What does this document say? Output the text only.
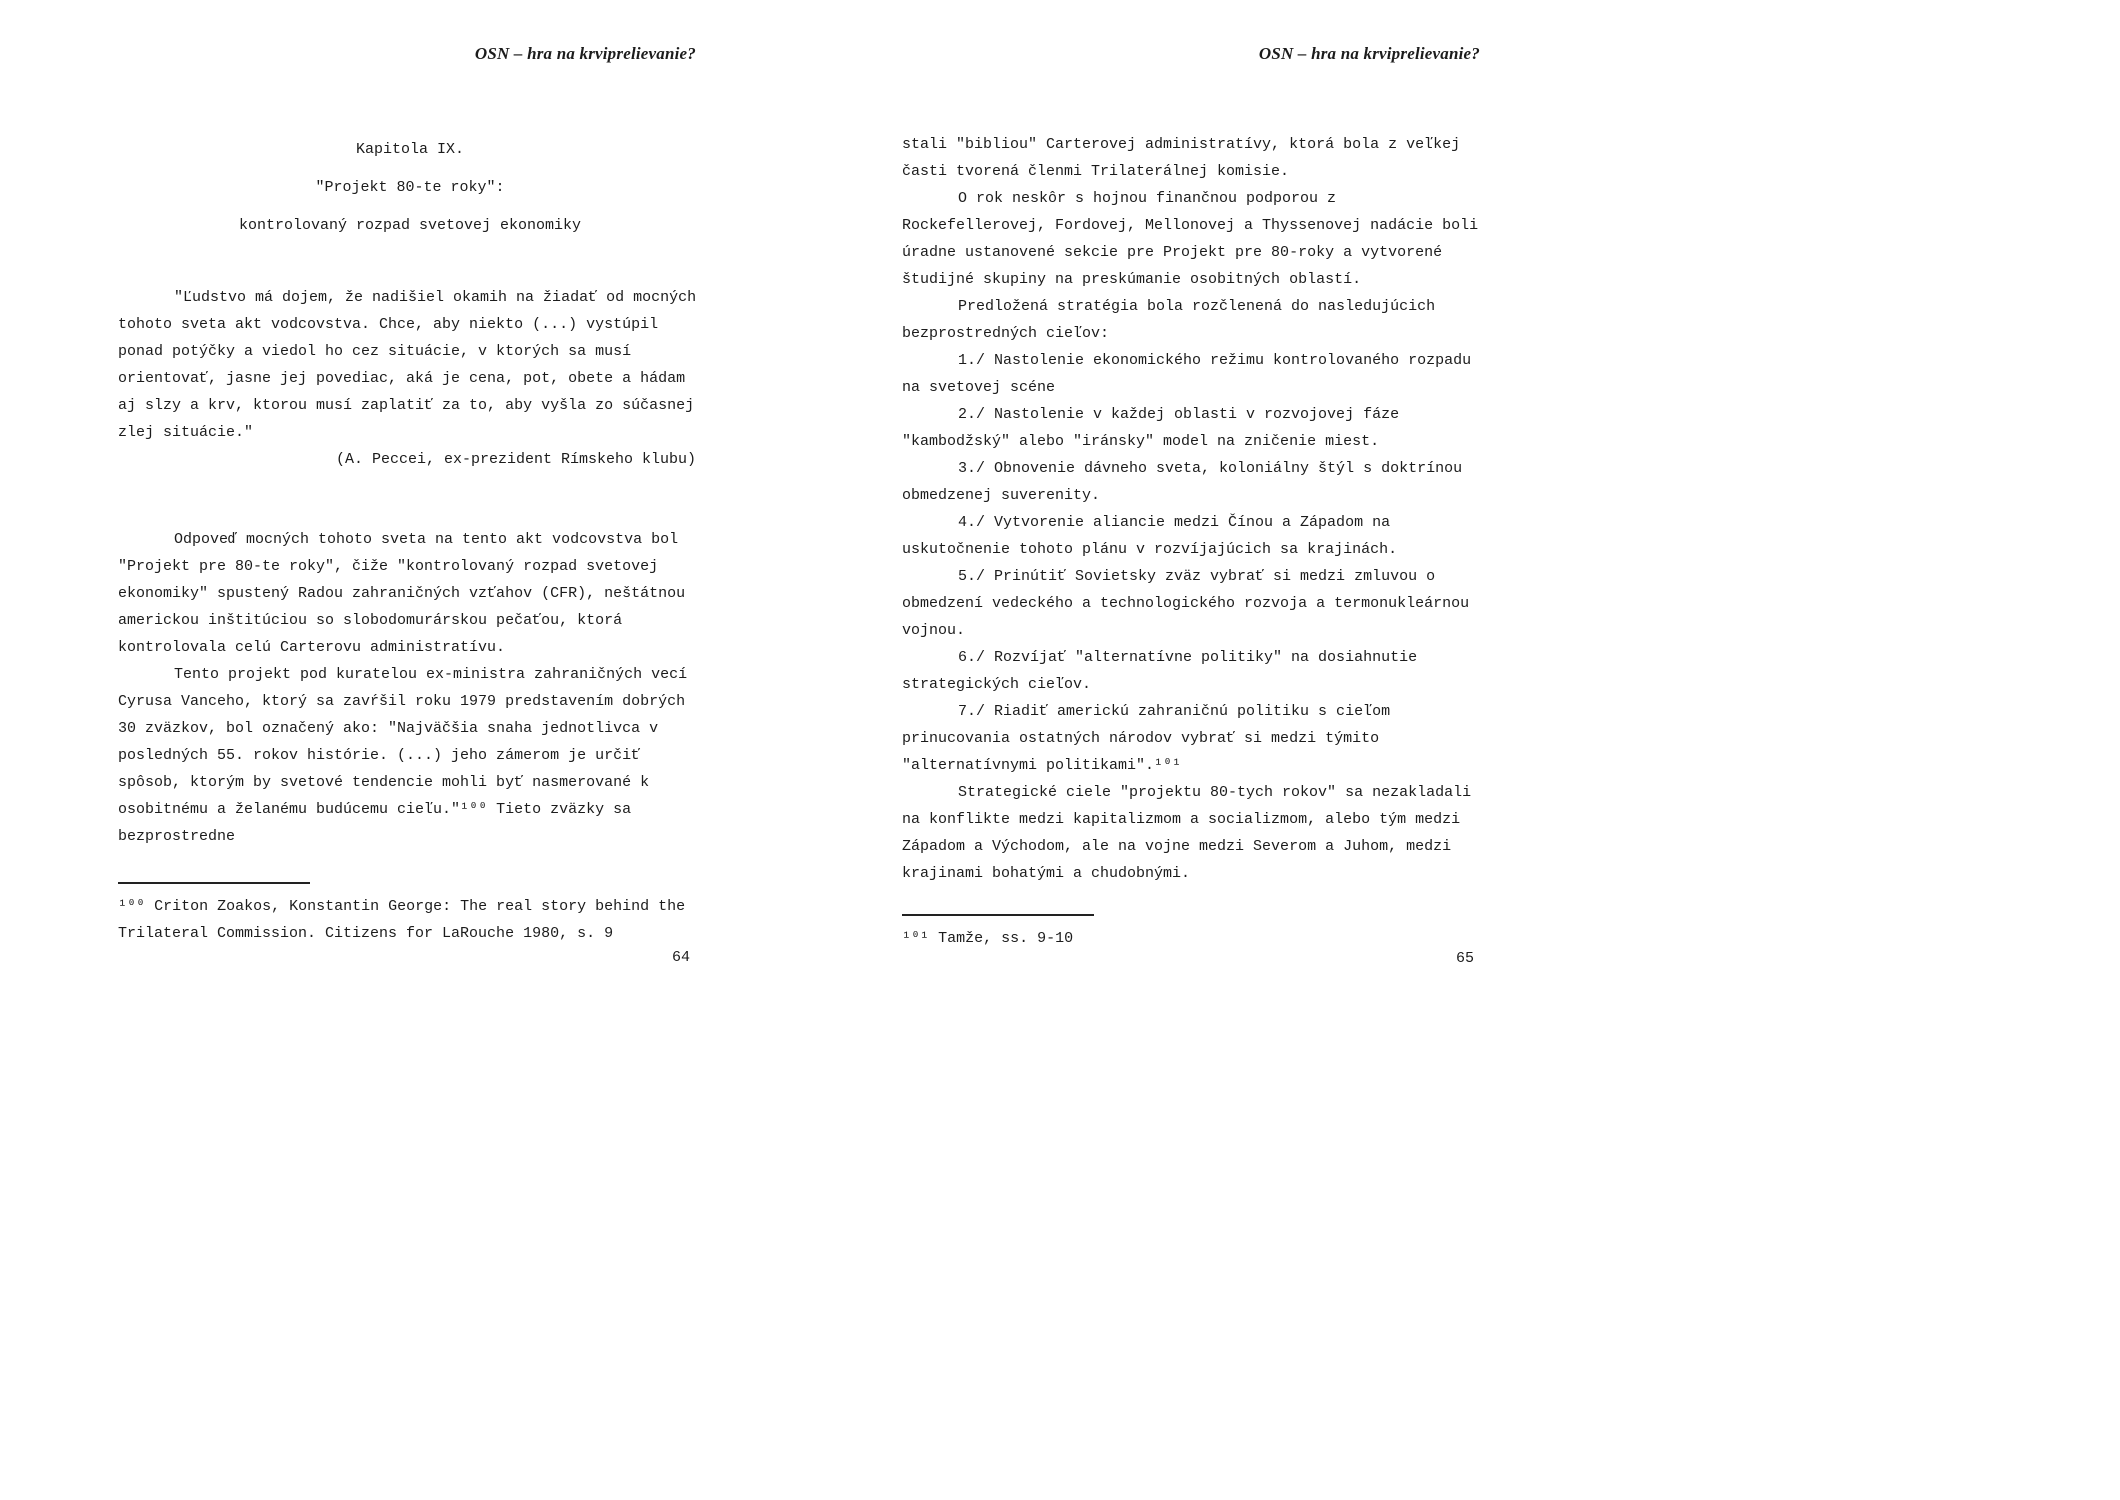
OSN – hra na krviprelievanie?
Kapitola IX.
"Projekt 80-te roky":
kontrolovaný rozpad svetovej ekonomiky

"Ľudstvo má dojem, že nadišiel okamih na žiadať od mocných tohoto sveta akt vodcovstva. Chce, aby niekto (...) vystúpil ponad potýčky a viedol ho cez situácie, v ktorých sa musí orientovať, jasne jej povediac, aká je cena, pot, obete a hádam aj slzy a krv, ktorou musí zaplatiť za to, aby vyšla zo súčasnej zlej situácie."

(A. Peccei, ex-prezident Rímskeho klubu)

Odpoveď mocných tohoto sveta na tento akt vodcovstva bol "Projekt pre 80-te roky", čiže "kontrolovaný rozpad svetovej ekonomiky" spustený Radou zahraničných vzťahov (CFR), neštátnou americkou inštitúciou so slobodomurárskou pečaťou, ktorá kontrolovala celú Carterovu administratívu.

Tento projekt pod kuratelou ex-ministra zahraničných vecí Cyrusa Vanceho, ktorý sa zavŕšil roku 1979 predstavením dobrých 30 zväzkov, bol označený ako: "Najväčšia snaha jednotlivca v posledných 55. rokov histórie. (...) jeho zámerom je určiť spôsob, ktorým by svetové tendencie mohli byť nasmerované k osobitnému a želanému budúcemu cieľu."¹⁰⁰ Tieto zväzky sa bezprostredne

¹⁰⁰ Criton Zoakos, Konstantin George: The real story behind the Trilateral Commission. Citizens for LaRouche 1980, s. 9

64
OSN – hra na krviprelievanie?

stali "bibliou" Carterovej administratívy, ktorá bola z veľkej časti tvorená členmi Trilaterálnej komisie.

O rok neskôr s hojnou finančnou podporou z Rockefellerovej, Fordovej, Mellonovej a Thyssenovej nadácie boli úradne ustanovené sekcie pre Projekt pre 80-roky a vytvorené študijné skupiny na preskúmanie osobitných oblastí.

Predložená stratégia bola rozčlenená do nasledujúcich bezprostredných cieľov:

1./ Nastolenie ekonomického režimu kontrolovaného rozpadu na svetovej scéne

2./ Nastolenie v každej oblasti v rozvojovej fáze "kambodžský" alebo "iránsky" model na zničenie miest.

3./ Obnovenie dávneho sveta, koloniálny štýl s doktrínou obmedzenej suverenity.

4./ Vytvorenie aliancie medzi Čínou a Západom na uskutočnenie tohoto plánu v rozvíjajúcich sa krajinách.

5./ Prinútiť Sovietsky zväz vybrať si medzi zmluvou o obmedzení vedeckého a technologického rozvoja a termonukleárnou vojnou.

6./ Rozvíjať "alternatívne politiky" na dosiahnutie strategických cieľov.

7./ Riadiť americkú zahraničnú politiku s cieľom prinucovania ostatných národov vybrať si medzi týmito "alternatívnymi politikami".¹⁰¹

Strategické ciele "projektu 80-tych rokov" sa nezakladali na konflikte medzi kapitalizmom a socializmom, alebo tým medzi Západom a Východom, ale na vojne medzi Severom a Juhom, medzi krajinami bohatými a chudobnými.

¹⁰¹ Tamže, ss. 9-10

65
